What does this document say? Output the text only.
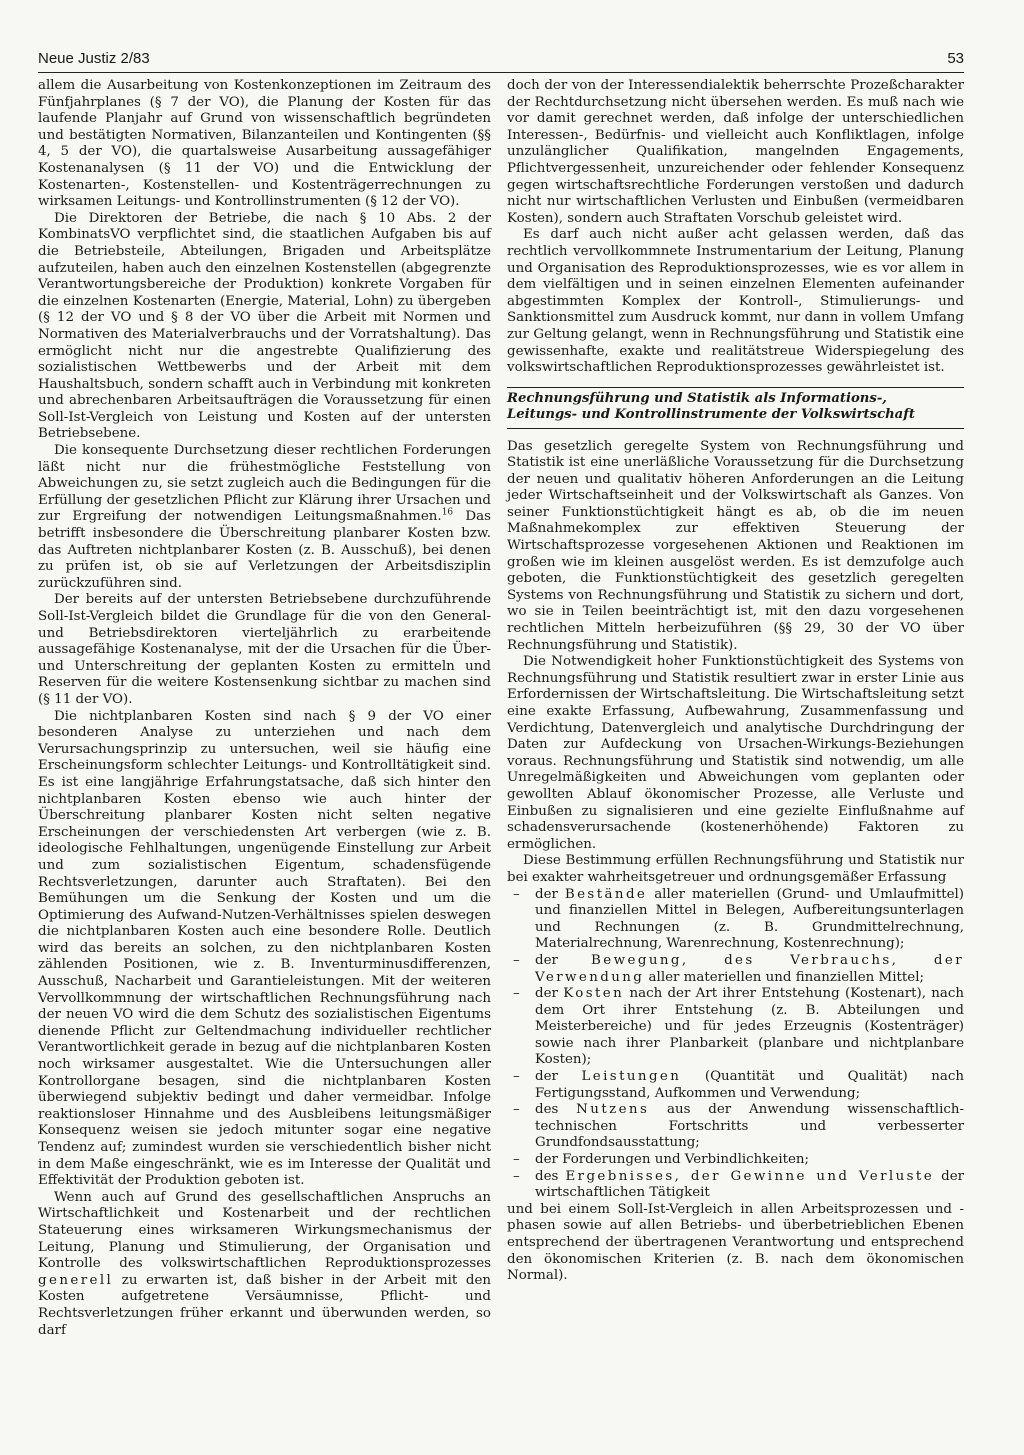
Neue Justiz 2/83	53

allem die Ausarbeitung von Kostenkonzeptionen im Zeitraum des Fünfjahrplanes (§ 7 der VO), die Planung der Kosten für das laufende Planjahr auf Grund von wissenschaftlich begründeten und bestätigten Normativen, Bilanzanteilen und Kontingenten (§§ 4, 5 der VO), die quartalsweise Ausarbeitung aussagefähiger Kostenanalysen (§ 11 der VO) und die Entwicklung der Kostenarten-, Kostenstellen- und Kostenträgerrechnungen zu wirksamen Leitungs- und Kontrollinstrumenten (§ 12 der VO).

Die Direktoren der Betriebe, die nach § 10 Abs. 2 der KombinatsVO verpflichtet sind, die staatlichen Aufgaben bis auf die Betriebsteile, Abteilungen, Brigaden und Arbeitsplätze aufzuteilen, haben auch den einzelnen Kostenstellen (abgegrenzte Verantwortungsbereiche der Produktion) konkrete Vorgaben für die einzelnen Kostenarten (Energie, Material, Lohn) zu übergeben (§ 12 der VO und § 8 der VO über die Arbeit mit Normen und Normativen des Materialverbrauchs und der Vorratshaltung). Das ermöglicht nicht nur die angestrebte Qualifizierung des sozialistischen Wettbewerbs und der Arbeit mit dem Haushaltsbuch, sondern schafft auch in Verbindung mit konkreten und abrechenbaren Arbeitsaufträgen die Voraussetzung für einen Soll-Ist-Vergleich von Leistung und Kosten auf der untersten Betriebsebene.

Die konsequente Durchsetzung dieser rechtlichen Forderungen läßt nicht nur die frühestmögliche Feststellung von Abweichungen zu, sie setzt zugleich auch die Bedingungen für die Erfüllung der gesetzlichen Pflicht zur Klärung ihrer Ursachen und zur Ergreifung der notwendigen Leitungsmaßnahmen.$^{16}$ Das betrifft insbesondere die Überschreitung planbarer Kosten bzw. das Auftreten nichtplanbarer Kosten (z. B. Ausschuß), bei denen zu prüfen ist, ob sie auf Verletzungen der Arbeitsdisziplin zurückzuführen sind.

Der bereits auf der untersten Betriebsebene durchzuführende Soll-Ist-Vergleich bildet die Grundlage für die von den General- und Betriebsdirektoren vierteljährlich zu erarbeitende aussagefähige Kostenanalyse, mit der die Ursachen für die Über- und Unterschreitung der geplanten Kosten zu ermitteln und Reserven für die weitere Kostensenkung sichtbar zu machen sind (§ 11 der VO).

Die nichtplanbaren Kosten sind nach § 9 der VO einer besonderen Analyse zu unterziehen und nach dem Verursachungsprinzip zu untersuchen, weil sie häufig eine Erscheinungsform schlechter Leitungs- und Kontrolltätigkeit sind. Es ist eine langjährige Erfahrungstatsache, daß sich hinter den nichtplanbaren Kosten ebenso wie auch hinter der Überschreitung planbarer Kosten nicht selten negative Erscheinungen der verschiedensten Art verbergen (wie z. B. ideologische Fehlhaltungen, ungenügende Einstellung zur Arbeit und zum sozialistischen Eigentum, schadensfügende Rechtsverletzungen, darunter auch Straftaten). Bei den Bemühungen um die Senkung der Kosten und um die Optimierung des Aufwand-Nutzen-Verhältnisses spielen deswegen die nichtplanbaren Kosten auch eine besondere Rolle. Deutlich wird das bereits an solchen, zu den nichtplanbaren Kosten zählenden Positionen, wie z. B. Inventurminusdifferenzen, Ausschuß, Nacharbeit und Garantieleistungen. Mit der weiteren Vervollkommnung der wirtschaftlichen Rechnungsführung nach der neuen VO wird die dem Schutz des sozialistischen Eigentums dienende Pflicht zur Geltendmachung individueller rechtlicher Verantwortlichkeit gerade in bezug auf die nichtplanbaren Kosten noch wirksamer ausgestaltet. Wie die Untersuchungen aller Kontrollorgane besagen, sind die nichtplanbaren Kosten überwiegend subjektiv bedingt und daher vermeidbar. Infolge reaktionsloser Hinnahme und des Ausbleibens leitungsmäßiger Konsequenz weisen sie jedoch mitunter sogar eine negative Tendenz auf; zumindest wurden sie verschiedentlich bisher nicht in dem Maße eingeschränkt, wie es im Interesse der Qualität und Effektivität der Produktion geboten ist.

Wenn auch auf Grund des gesellschaftlichen Anspruchs an Wirtschaftlichkeit und Kostenarbeit und der rechtlichen Stateuerung eines wirksameren Wirkungsmechanismus der Leitung, Planung und Stimulierung, der Organisation und Kontrolle des volkswirtschaftlichen Reproduktionsprozesses generell zu erwarten ist, daß bisher in der Arbeit mit den Kosten aufgetretene Versäumnisse, Pflicht- und Rechtsverletzungen früher erkannt und überwunden werden, so darf

doch der von der Interessendialektik beherrschte Prozeßcharakter der Rechtdurchsetzung nicht übersehen werden. Es muß nach wie vor damit gerechnet werden, daß infolge der unterschiedlichen Interessen-, Bedürfnis- und vielleicht auch Konfliktlagen, infolge unzulänglicher Qualifikation, mangelnden Engagements, Pflichtvergessenheit, unzureichender oder fehlender Konsequenz gegen wirtschaftsrechtliche Forderungen verstoßen und dadurch nicht nur wirtschaftlichen Verlusten und Einbußen (vermeidbaren Kosten), sondern auch Straftaten Vorschub geleistet wird.

Es darf auch nicht außer acht gelassen werden, daß das rechtlich vervollkommnete Instrumentarium der Leitung, Planung und Organisation des Reproduktionsprozesses, wie es vor allem in dem vielfältigen und in seinen einzelnen Elementen aufeinander abgestimmten Komplex der Kontroll-, Stimulierungs- und Sanktionsmittel zum Ausdruck kommt, nur dann in vollem Umfang zur Geltung gelangt, wenn in Rechnungsführung und Statistik eine gewissenhafte, exakte und realitätstreue Widerspiegelung des volkswirtschaftlichen Reproduktionsprozesses gewährleistet ist.

Rechnungsführung und Statistik als Informations-,
Leitungs- und Kontrollinstrumente der Volkswirtschaft

Das gesetzlich geregelte System von Rechnungsführung und Statistik ist eine unerläßliche Voraussetzung für die Durchsetzung der neuen und qualitativ höheren Anforderungen an die Leitung jeder Wirtschaftseinheit und der Volkswirtschaft als Ganzes. Von seiner Funktionstüchtigkeit hängt es ab, ob die im neuen Maßnahmekomplex zur effektiven Steuerung der Wirtschaftsprozesse vorgesehenen Aktionen und Reaktionen im großen wie im kleinen ausgelöst werden. Es ist demzufolge auch geboten, die Funktionstüchtigkeit des gesetzlich geregelten Systems von Rechnungsführung und Statistik zu sichern und dort, wo sie in Teilen beeinträchtigt ist, mit den dazu vorgesehenen rechtlichen Mitteln herbeizuführen (§§ 29, 30 der VO über Rechnungsführung und Statistik).

Die Notwendigkeit hoher Funktionstüchtigkeit des Systems von Rechnungsführung und Statistik resultiert zwar in erster Linie aus Erfordernissen der Wirtschaftsleitung. Die Wirtschaftsleitung setzt eine exakte Erfassung, Aufbewahrung, Zusammenfassung und Verdichtung, Datenvergleich und analytische Durchdringung der Daten zur Aufdeckung von Ursachen-Wirkungs-Beziehungen voraus. Rechnungsführung und Statistik sind notwendig, um alle Unregelmäßigkeiten und Abweichungen vom geplanten oder gewollten Ablauf ökonomischer Prozesse, alle Verluste und Einbußen zu signalisieren und eine gezielte Einflußnahme auf schadensverursachende (kostenerhöhende) Faktoren zu ermöglichen.

Diese Bestimmung erfüllen Rechnungsführung und Statistik nur bei exakter wahrheitsgetreuer und ordnungsgemäßer Erfassung

– der Bestände aller materiellen (Grund- und Umlaufmittel) und finanziellen Mittel in Belegen, Aufbereitungsunterlagen und Rechnungen (z. B. Grundmittelrechnung, Materialrechnung, Warenrechnung, Kostenrechnung);
– der Bewegung, des Verbrauchs, der Verwendung aller materiellen und finanziellen Mittel;
– der Kosten nach der Art ihrer Entstehung (Kostenart), nach dem Ort ihrer Entstehung (z. B. Abteilungen und Meisterbereiche) und für jedes Erzeugnis (Kostenträger) sowie nach ihrer Planbarkeit (planbare und nichtplanbare Kosten);
– der Leistungen (Quantität und Qualität) nach Fertigungsstand, Aufkommen und Verwendung;
– des Nutzens aus der Anwendung wissenschaftlich-technischen Fortschritts und verbesserter Grundfondsausstattung;
– der Forderungen und Verbindlichkeiten;
– des Ergebnisses, der Gewinne und Verluste der wirtschaftlichen Tätigkeit

und bei einem Soll-Ist-Vergleich in allen Arbeitsprozessen und -phasen sowie auf allen Betriebs- und überbetrieblichen Ebenen entsprechend der übertragenen Verantwortung und entsprechend den ökonomischen Kriterien (z. B. nach dem ökonomischen Normal).
